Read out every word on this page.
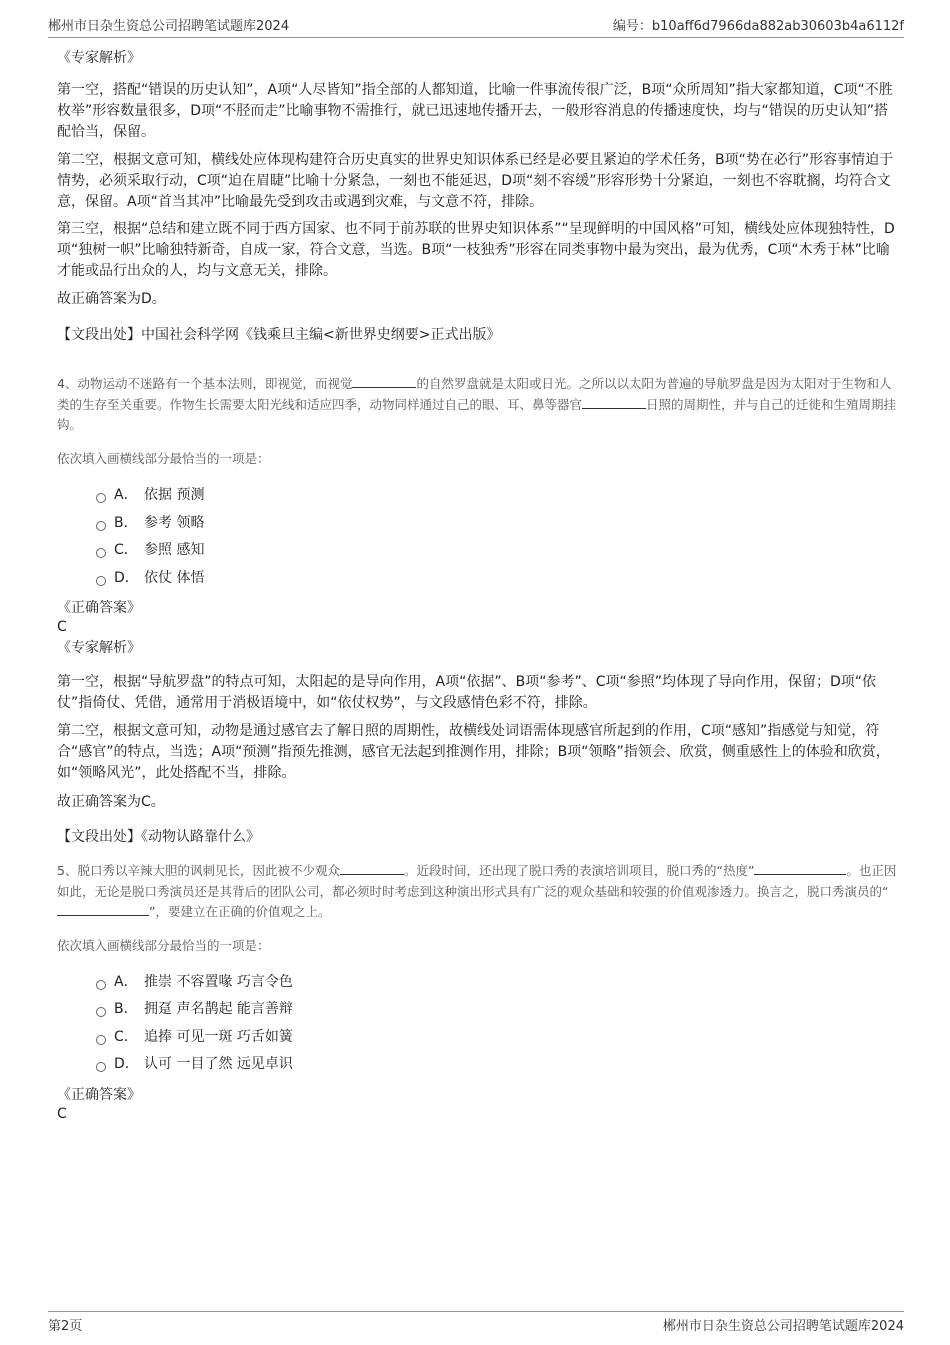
郴州市日杂生资总公司招聘笔试题库2024	编号：b10aff6d7966da882ab30603b4a6112f
《专家解析》

第一空，搭配“错误的历史认知”，A项“人尽皆知”指全部的人都知道，比喻一件事流传很广泛，B项“众所周知”指大家都知道，C项“不胜枚举”形容数量很多，D项“不胫而走”比喻事物不需推行，就已迅速地传播开去，一般形容消息的传播速度快，均与“错误的历史认知”搭配恰当，保留。

第二空，根据文意可知，横线处应体现构建符合历史真实的世界史知识体系已经是必要且紧迫的学术任务，B项“势在必行”形容事情迫于情势，必须采取行动，C项“迫在眉睫”比喻十分紧急，一刻也不能延迟，D项“刻不容缓”形容形势十分紧迫，一刻也不容耽搁，均符合文意，保留。A项“首当其冲”比喻最先受到攻击或遇到灾难，与文意不符，排除。

第三空，根据“总结和建立既不同于西方国家、也不同于前苏联的世界史知识体系”“呈现鲜明的中国风格”可知，横线处应体现独特性，D项“独树一帜”比喻独特新奇，自成一家，符合文意，当选。B项“一枝独秀”形容在同类事物中最为突出，最为优秀，C项“木秀于林”比喻才能或品行出众的人，均与文意无关，排除。

故正确答案为D。

【文段出处】中国社会科学网《钱乘旦主编<新世界史纲要>正式出版》

4、动物运动不迷路有一个基本法则，即视觉，而视觉	的自然罗盘就是太阳或日光。之所以以太阳为普遍的导航罗盘是因为太阳对于生物和人类的生存至关重要。作物生长需要太阳光线和适应四季，动物同样通过自己的眼、耳、鼻等器官	日照的周期性，并与自己的迁徙和生殖周期挂钩。

依次填入画横线部分最恰当的一项是：

A． 依据 预测
B． 参考 领略
C． 参照 感知
D． 依仗 体悟
《正确答案》
C
《专家解析》

第一空，根据“导航罗盘”的特点可知，太阳起的是导向作用，A项“依据”、B项“参考”、C项“参照”均体现了导向作用，保留；D项“依仗”指倚仗、凭借，通常用于消极语境中，如“依仗权势”，与文段感情色彩不符，排除。

第二空，根据文意可知，动物是通过感官去了解日照的周期性，故横线处词语需体现感官所起到的作用，C项“感知”指感觉与知觉，符合“感官”的特点，当选；A项“预测”指预先推测，感官无法起到推测作用，排除；B项“领略”指领会、欣赏，侧重感性上的体验和欣赏，如“领略风光”，此处搭配不当，排除。

故正确答案为C。

【文段出处】《动物认路靠什么》

5、脱口秀以辛辣大胆的讽刺见长，因此被不少观众	。近段时间，还出现了脱口秀的表演培训项目，脱口秀的“热度”	。也正因如此，无论是脱口秀演员还是其背后的团队公司，都必须时时考虑到这种演出形式具有广泛的观众基础和较强的价值观渗透力。换言之，脱口秀演员的“”，要建立在正确的价值观之上。

依次填入画横线部分最恰当的一项是：

A． 推崇 不容置喙 巧言令色
B． 拥趸 声名鹊起 能言善辩
C． 追捧 可见一斑 巧舌如簧
D． 认可 一目了然 远见卓识
《正确答案》
C
第2页	郴州市日杂生资总公司招聘笔试题库2024
